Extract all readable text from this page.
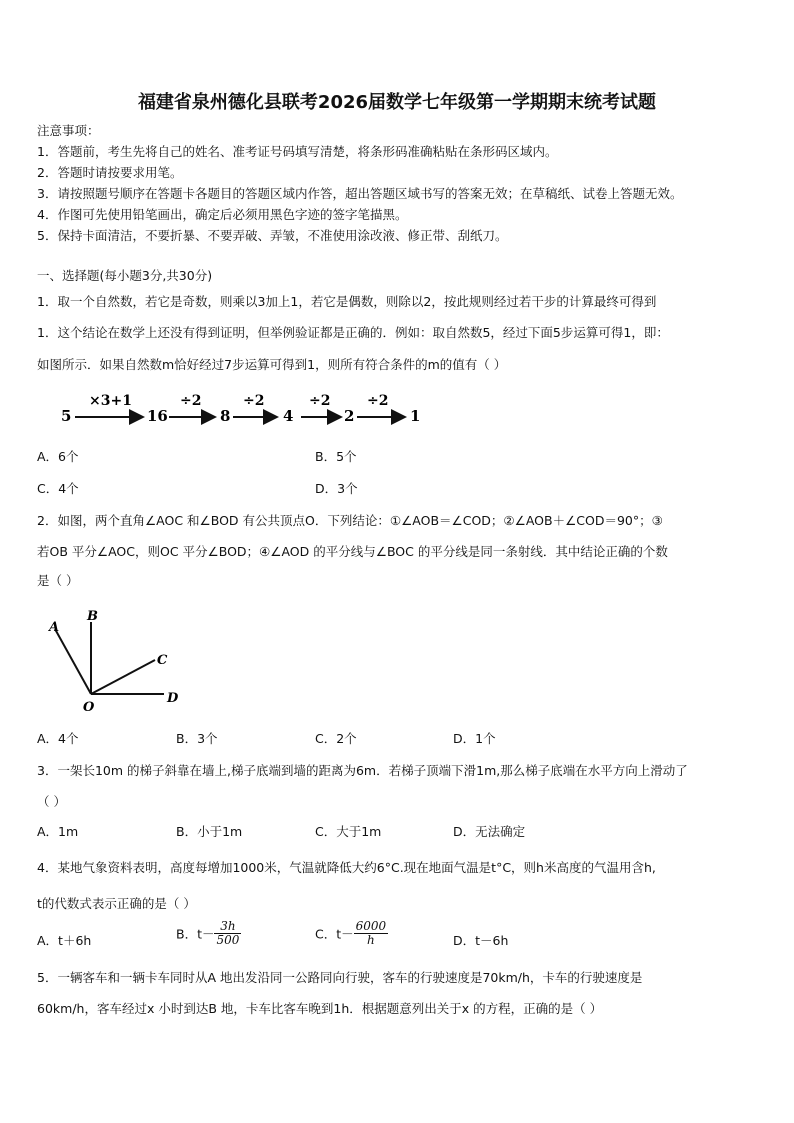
福建省泉州德化县联考2026届数学七年级第一学期期末统考试题
注意事项：
1．答题前，考生先将自己的姓名、准考证号码填写清楚，将条形码准确粘贴在条形码区域内。
2．答题时请按要求用笔。
3．请按照题号顺序在答题卡各题目的答题区域内作答，超出答题区域书写的答案无效；在草稿纸、试卷上答题无效。
4．作图可先使用铅笔画出，确定后必须用黑色字迹的签字笔描黑。
5．保持卡面清洁，不要折暴、不要弄破、弄皱，不准使用涂改液、修正带、刮纸刀。
一、选择题(每小题3分,共30分)
1．取一个自然数，若它是奇数，则乘以3加上1，若它是偶数，则除以2，按此规则经过若干步的计算最终可得到
1．这个结论在数学上还没有得到证明，但举例验证都是正确的．例如：取自然数5，经过下面5步运算可得1，即：
如图所示．如果自然数m恰好经过7步运算可得到1，则所有符合条件的m的值有（ ）
5
×3+1
16
÷2
8
÷2
4
÷2
2
÷2
1
A．6个	B．5个
C．4个	D．3个
2．如图，两个直角∠AOC 和∠BOD 有公共顶点O．下列结论：①∠AOB＝∠COD；②∠AOB＋∠COD＝90°；③
若OB 平分∠AOC，则OC 平分∠BOD；④∠AOD 的平分线与∠BOC 的平分线是同一条射线．其中结论正确的个数
是（ ）
A
B
C
D
O
A．4个	B．3个	C．2个	D．1个
3．一架长10m 的梯子斜靠在墙上,梯子底端到墙的距离为6m．若梯子顶端下滑1m,那么梯子底端在水平方向上滑动了
（ ）
A．1m	B．小于1m	C．大于1m	D．无法确定
4．某地气象资料表明，高度每增加1000米，气温就降低大约6°C.现在地面气温是t°C，则h米高度的气温用含h,
t的代数式表示正确的是（ ）
A．t＋6h	B．$t- \frac{3h}{500}$	C．$t- \frac{6000}{h}$	D．t－6h
5．一辆客车和一辆卡车同时从A 地出发沿同一公路同向行驶，客车的行驶速度是70km/h，卡车的行驶速度是
60km/h，客车经过x 小时到达B 地，卡车比客车晚到1h．根据题意列出关于x 的方程，正确的是（ ）
